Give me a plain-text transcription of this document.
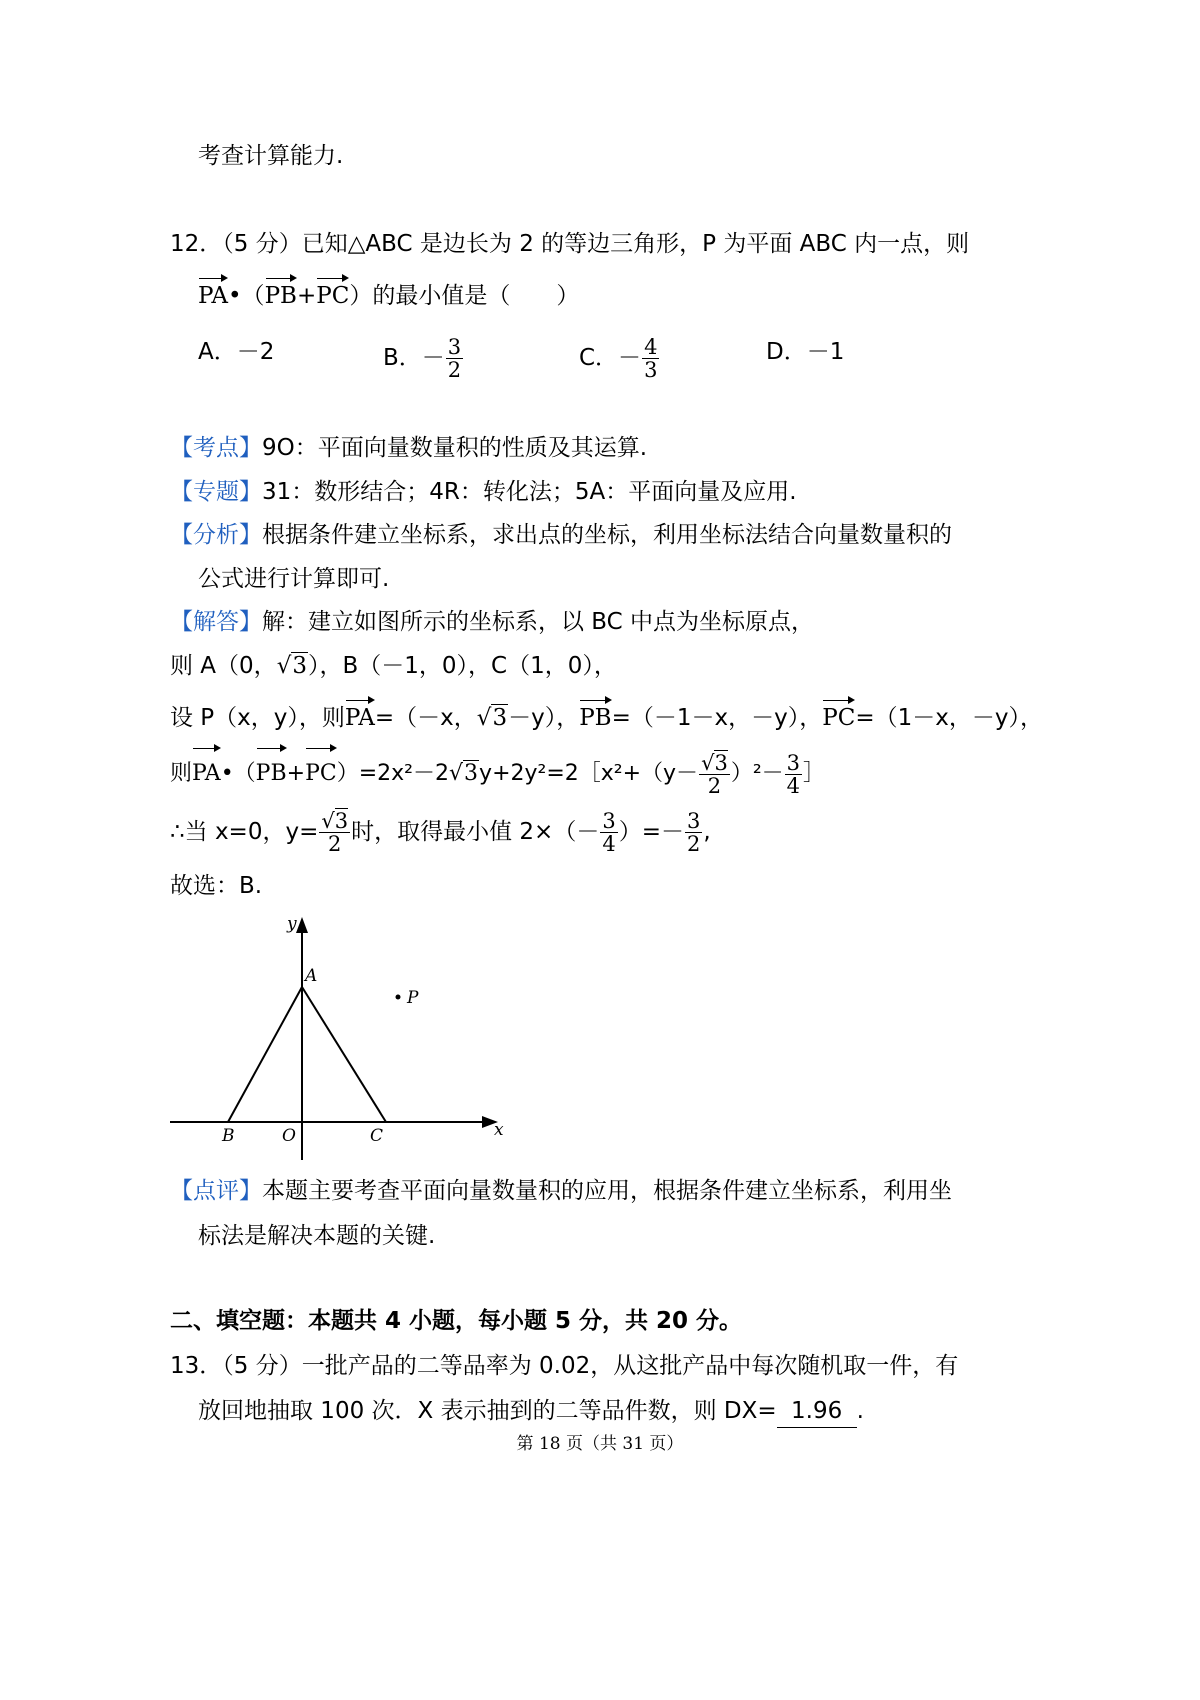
考查计算能力.
12．（5 分）已知△ABC 是边长为 2 的等边三角形，P 为平面 ABC 内一点，则
PA•（PB+PC）的最小值是（　　）
A．－2	B．－ $\frac{3}{2}$	C．－ $\frac{4}{3}$	D．－1
【考点】9O：平面向量数量积的性质及其运算.
【专题】31：数形结合；4R：转化法；5A：平面向量及应用.
【分析】根据条件建立坐标系，求出点的坐标，利用坐标法结合向量数量积的
公式进行计算即可.
【解答】解：建立如图所示的坐标系，以 BC 中点为坐标原点，
则 A（0，√3），B（－1，0），C（1，0），
设 P（x，y），则PA=（－x，√3－y），PB=（－1－x，－y），PC=（1－x，－y），
则PA•（PB+PC）=2x²－2√3y+2y²=2［x²+（y－ $\frac{√3}{2} )^2- \frac{3}{4}$ ］
∴当 x=0，$y= \frac{√3}{2}$ 时，取得最小值 $2\times(- \frac{3}{4}$ ）=－ $\frac{3}{2}$ ,
故选：B.
y
x
A
B	O	C
P
【点评】本题主要考查平面向量数量积的应用，根据条件建立坐标系，利用坐
标法是解决本题的关键.
二、填空题：本题共 4 小题，每小题 5 分，共 20 分。
13．（5 分）一批产品的二等品率为 0.02，从这批产品中每次随机取一件，有
放回地抽取 100 次．X 表示抽到的二等品件数，则 DX= 1.96 .
第 18 页（共 31 页）
